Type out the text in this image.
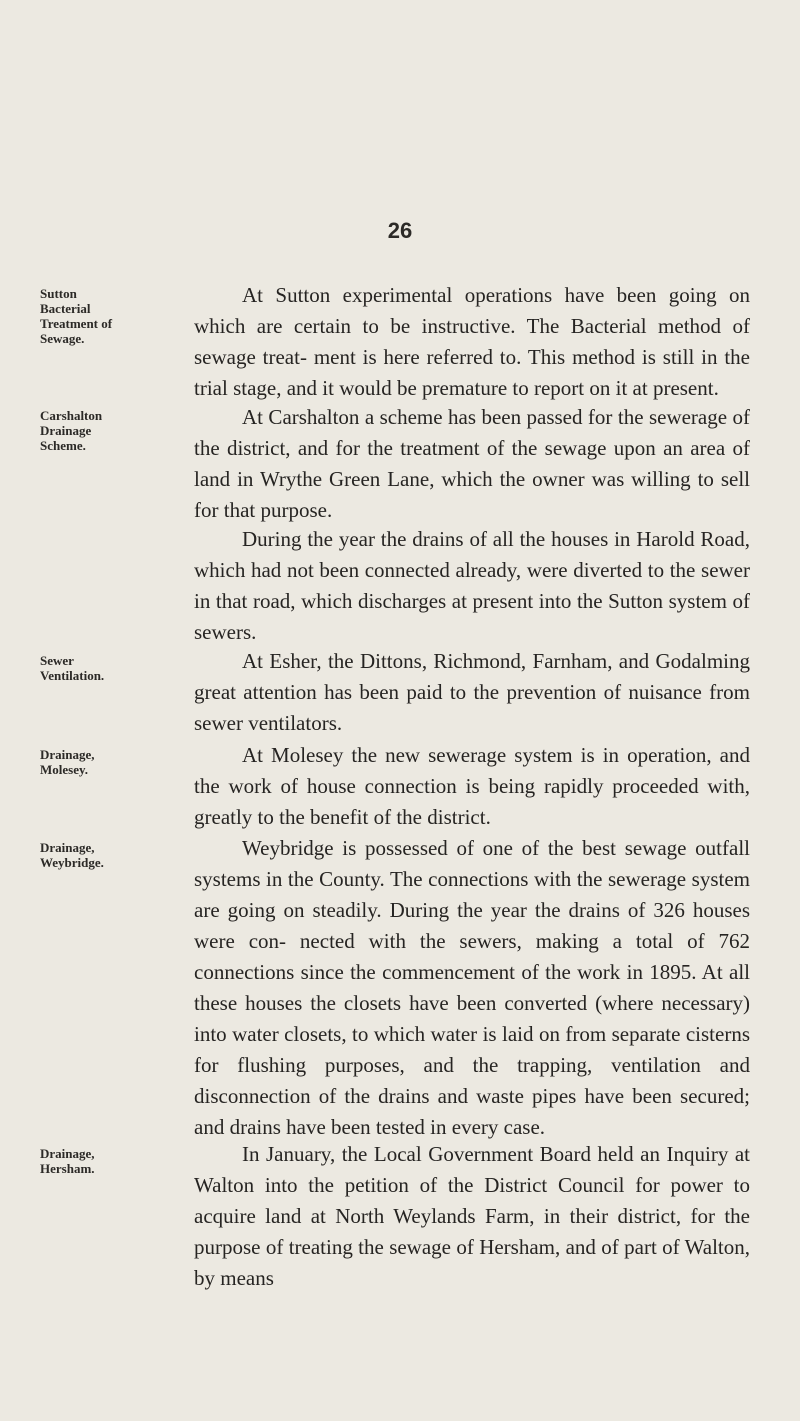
26
Sutton
Bacterial
Treatment of
Sewage.
Carshalton
Drainage
Scheme.
Sewer
Ventilation.
Drainage,
Molesey.
Drainage,
Weybridge.
Drainage,
Hersham.

At Sutton experimental operations have been going on which are certain to be instructive. The Bacterial method of sewage treat- ment is here referred to. This method is still in the trial stage, and it would be premature to report on it at present.

At Carshalton a scheme has been passed for the sewerage of the district, and for the treatment of the sewage upon an area of land in Wrythe Green Lane, which the owner was willing to sell for that purpose.

During the year the drains of all the houses in Harold Road, which had not been connected already, were diverted to the sewer in that road, which discharges at present into the Sutton system of sewers.

At Esher, the Dittons, Richmond, Farnham, and Godalming great attention has been paid to the prevention of nuisance from sewer ventilators.

At Molesey the new sewerage system is in operation, and the work of house connection is being rapidly proceeded with, greatly to the benefit of the district.

Weybridge is possessed of one of the best sewage outfall systems in the County. The connections with the sewerage system are going on steadily. During the year the drains of 326 houses were con- nected with the sewers, making a total of 762 connections since the commencement of the work in 1895. At all these houses the closets have been converted (where necessary) into water closets, to which water is laid on from separate cisterns for flushing purposes, and the trapping, ventilation and disconnection of the drains and waste pipes have been secured; and drains have been tested in every case.

In January, the Local Government Board held an Inquiry at Walton into the petition of the District Council for power to acquire land at North Weylands Farm, in their district, for the purpose of treating the sewage of Hersham, and of part of Walton, by means
